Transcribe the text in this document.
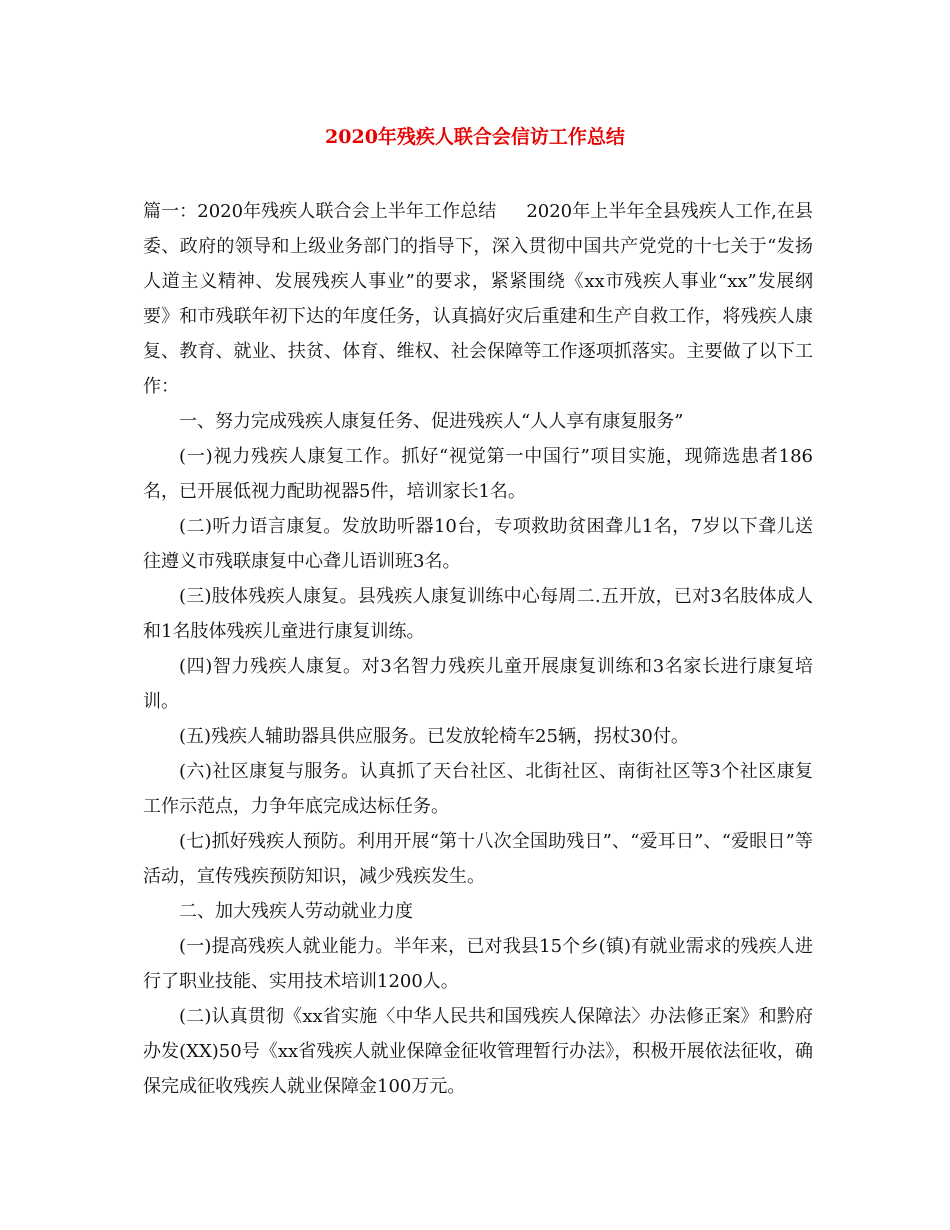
2020年残疾人联合会信访工作总结

篇一：2020年残疾人联合会上半年工作总结 2020年上半年全县残疾人工作,在县委、政府的领导和上级业务部门的指导下，深入贯彻中国共产党党的十七关于“发扬人道主义精神、发展残疾人事业”的要求，紧紧围绕《xx市残疾人事业“xx”发展纲要》和市残联年初下达的年度任务，认真搞好灾后重建和生产自救工作，将残疾人康复、教育、就业、扶贫、体育、维权、社会保障等工作逐项抓落实。主要做了以下工作：

一、努力完成残疾人康复任务、促进残疾人“人人享有康复服务”

(一)视力残疾人康复工作。抓好“视觉第一中国行”项目实施，现筛选患者186名，已开展低视力配助视器5件，培训家长1名。

(二)听力语言康复。发放助听器10台，专项救助贫困聋儿1名，7岁以下聋儿送往遵义市残联康复中心聋儿语训班3名。

(三)肢体残疾人康复。县残疾人康复训练中心每周二.五开放，已对3名肢体成人和1名肢体残疾儿童进行康复训练。

(四)智力残疾人康复。对3名智力残疾儿童开展康复训练和3名家长进行康复培训。

(五)残疾人辅助器具供应服务。已发放轮椅车25辆，拐杖30付。

(六)社区康复与服务。认真抓了天台社区、北街社区、南街社区等3个社区康复工作示范点，力争年底完成达标任务。

(七)抓好残疾人预防。利用开展“第十八次全国助残日”、“爱耳日”、“爱眼日”等活动，宣传残疾预防知识，减少残疾发生。

二、加大残疾人劳动就业力度

(一)提高残疾人就业能力。半年来，已对我县15个乡(镇)有就业需求的残疾人进行了职业技能、实用技术培训1200人。

(二)认真贯彻《xx省实施〈中华人民共和国残疾人保障法〉办法修正案》和黔府办发(XX)50号《xx省残疾人就业保障金征收管理暂行办法》，积极开展依法征收，确保完成征收残疾人就业保障金100万元。
